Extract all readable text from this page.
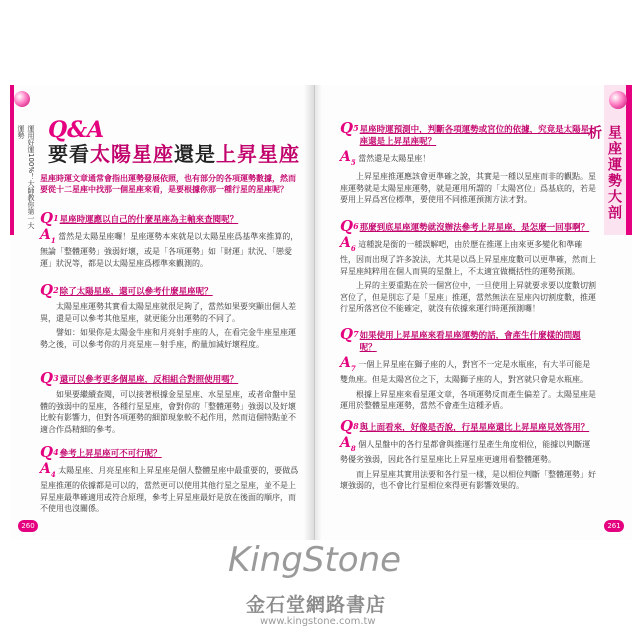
運用好運100%！大師教你第一大運勢	Q&A
要看太陽星座還是上昇星座
星座時運文章通常會指出運勢發展依照，也有部分的各項運勢數據，然而要從十二星座中找那一個星座來看，是要根據你那一種行星的星座呢？
Q1 星座時運應以自己的什麼星座為主軸來查閱呢？
$A_1$ 當然是太陽星座囉！星座運勢本來就是以太陽星座爲基準來推算的，無論「整體運勢」強弱好壞，或是「各項運勢」如「財運」狀況、「戀愛運」狀況等，都是以太陽星座爲標準來觀測的。
Q2 除了太陽星座，還可以參考什麼星座呢？
太陽星座運勢其實看太陽星座就很足夠了，當然如果要突顯出個人差異，還是可以參考其他星座，就更能分出運勢的不同了。
譬如：如果你是太陽金牛座和月亮射手座的人，在看完金牛座星座運勢之後，可以參考你的月亮星座－射手座，酌量加減好壞程度。
Q3 還可以參考更多個星座，反相組合對照使用嗎？
如果要繼續查閱，可以接著根據金星星座、水星星座，或者命盤中星體的強弱中的星座，各種行星星座，會對你的「整體運勢」強弱以及好壞比較有影響力，但對各項運勢的細節現象較不起作用，然而這個特點並不適合作爲精細的參考。
Q4 參考上昇星座可不可行呢？
$A_4$ 太陽星座、月亮星座和上昇星座是個人整體星座中最重要的，要做爲星座推運的依據都是可以的，當然更可以使用其他行星之星座，並不是上昇星座最準確適用或符合原理，參考上昇星座最好是放在後面的順序，而不使用也沒關係。
260
星座運勢大剖析
Q5 星座時運預測中，判斷各項運勢或宮位的依據，究竟是太陽星座還是上昇星座呢？
$A_5$ 當然還是太陽星座！
上昇星座推運應該會更準確之說，其實是一種以星座而非的觀點。星座運勢就是太陽星座運勢，就是運用所謂的「太陽宮位」爲基底的，若是要用上昇爲宮位標準，要使用不同推運預測方法才對。
Q6 那麼到底星座運勢就沒辦法參考上昇星座，是怎麼一回事啊？
$A_6$ 這種說是銜的一種誤解吧，由於歷在推運上由來更多變化和準確性，因而出現了許多說法，尤其是以爲上昇星座度數可以更準確，然而上昇星座純粹用在個人而異的星盤上，不太適宜做概括性的運勢預測。
上昇的主要重點在於一個宮位中，一旦使用上昇就要求要以度數切割宮位了，但是別忘了是「星座」推運，當然無法在星座內切割度數，推運行星所落宮位不能確定，就沒有依據來運行時運預測囉！
Q7 如果使用上昇星座來看星座運勢的話，會產生什麼樣的問題呢？
$A_7$ 一個上昇星座在獅子座的人，對宮不一定是水瓶座，有大半可能是雙魚座。但是太陽宮位之下，太陽獅子座的人，對宮就只會是水瓶座。
根據上昇星座來看星運文章，各項運勢反而產生偏差了。太陽星座是運用於整體星座運勢，當然不會產生這種矛盾。
Q8 與上面看來，好像是否說，行星星座還比上昇星座見效答用？
$A_8$ 個人星盤中的各行星都會與推運行星產生角度相位，能據以判斷運勢優劣強弱，因此各行星星座比上昇星座更適用看整體運勢。
而上昇星座其實用法要和各行星一樣，是以相位判斷「整體運勢」好壞強弱的，也不會比行星相位來得更有影響效果的。
261
KingStone
金石堂網路書店
www.kingstone.com.tw
